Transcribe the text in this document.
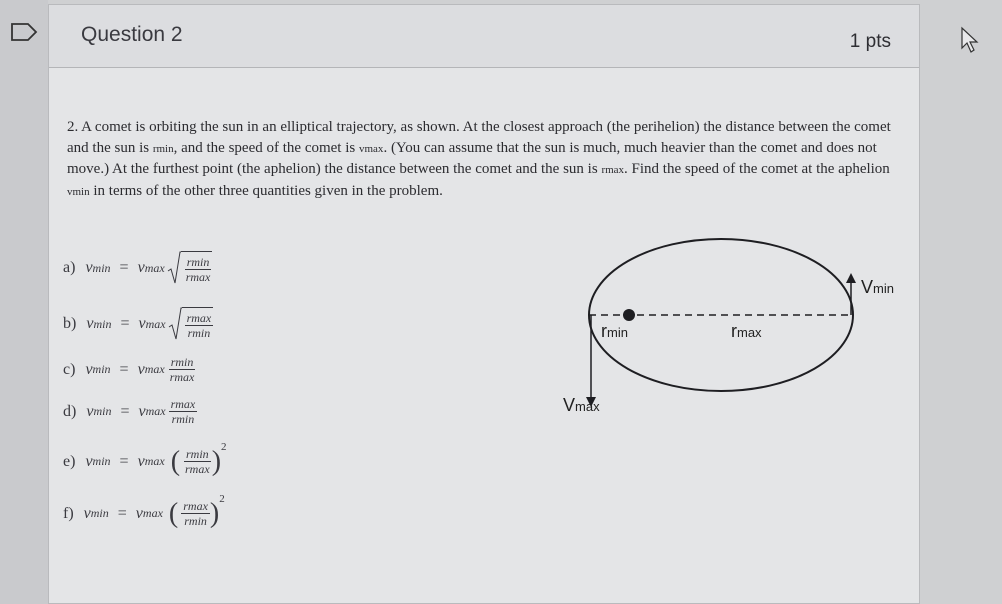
Question 2	1 pts

2. A comet is orbiting the sun in an elliptical trajectory, as shown. At the closest approach (the perihelion) the distance between the comet and the sun is rmin, and the speed of the comet is vmax. (You can assume that the sun is much, much heavier than the comet and does not move.) At the furthest point (the aphelion) the distance between the comet and the sun is rmax. Find the speed of the comet at the aphelion vmin in terms of the other three quantities given in the problem.

a) v min = v $\max \frac{rmin}{rmax}$
b) v min = v $\max \frac{rmax}{rmin}$
c) v min = v $\max \frac{rmin}{rmax}$
d) v min = v $\max \frac{rmax}{rmin}$
e) v min = v max ( $\frac{rmin}{rmax}$ ) 2
f) v min = v max ( $\frac{rmax}{rmin}$ ) 2
Vmin
Vmax
rmin	rmax
